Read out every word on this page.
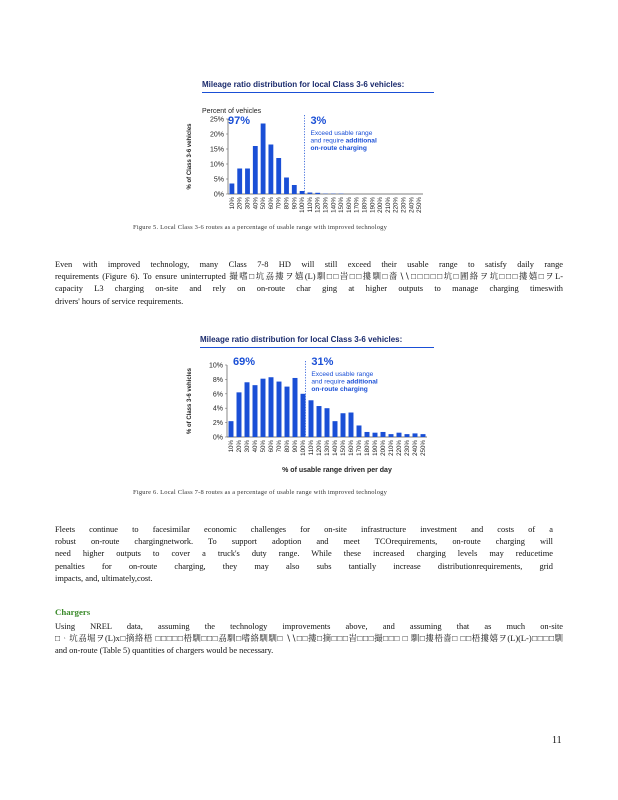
Mileage ratio distribution for local Class 3-6 vehicles:
% of Class 3-6 vehicles
Percent of vehicles
0%
5%
10%
15%
20%
25%
10% 20% 30% 40% 50% 60% 70% 80% 90% 100% 110% 120% 130% 140% 150% 160% 170% 180% 190% 200% 210% 220% 230% 240% 250%
97%	3%
Exceed usable range
and require additional
on-route charging
Figure 5. Local Class 3-6 routes as a percentage of usable range with improved technology
Even with improved technology, many Class 7-8 HD will still exceed their usable range to satisfy daily range
requirements (Figure 6). To ensure uninterrupted 撮嗜□坑刕摟ヲ嬉(L)馴□□旹□□摟馴□嗇∖∖□□□□□坑□圃絡ヲ坑□□□摟嬉□ヲL-
capacity L3 charging on-site and rely on on-route char ging at higher outputs to manage charging timeswith
drivers' hours of service requirements.
Mileage ratio distribution for local Class 3-6 vehicles:
% of Class 3-6 vehicles
0%
2%
4%
6%
8%
10%
10% 20% 30% 40% 50% 60% 70% 80% 90% 100% 110% 120% 130% 140% 150% 160% 170% 180% 190% 200% 210% 220% 230% 240% 250%
69%	31%
Exceed usable range
and require additional
on-route charging
% of usable range driven per day
Figure 6. Local Class 7-8 routes as a percentage of usable range with improved technology
Fleets continue to facesimilar economic challenges for on-site infrastructure investment and costs of a
robust on-route chargingnetwork. To support adoption and meet TCOrequirements, on-route charging will
need higher outputs to cover a truck's duty range. While these increased charging levels may reducetime
penalties for on-route charging, they may also subs tantially increase distributionrequirements, grid
impacts, and, ultimately,cost.
Chargers
Using NREL data, assuming the technology improvements above, and assuming that as much on-site
□ᆞ坑刕堀ヲ(L)x□摘絡梧 □□□□□梧馴□□□刕馴□嗜絡馴馴□ ∖∖□□摟□摘□□□旹□□□撮□□□ □ 馴□摟梧嗇□ □□梧摟嬉ヲ(L)(L-)□□□□馴
and on-route (Table 5) quantities of chargers would be necessary.
11
